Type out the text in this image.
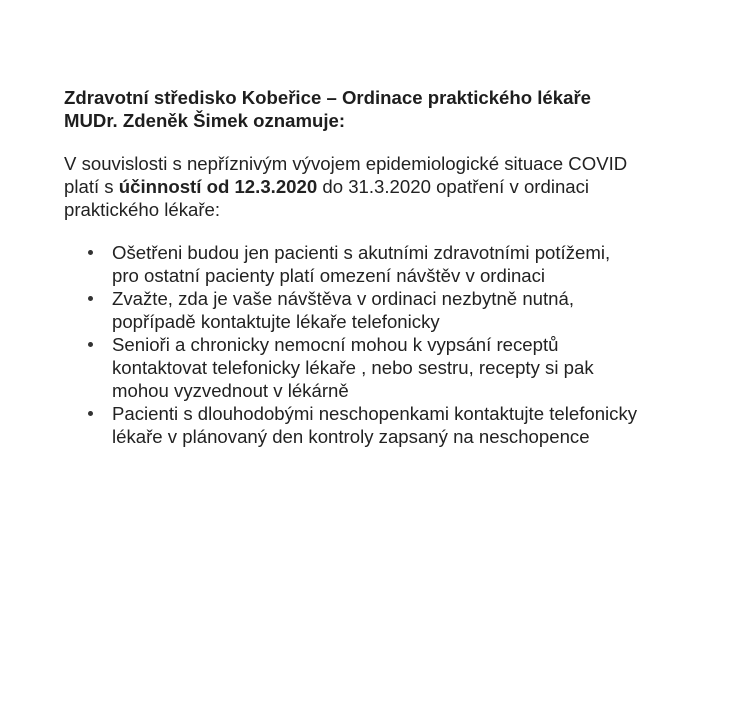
Zdravotní středisko Kobeřice – Ordinace praktického lékaře
MUDr. Zdeněk Šimek oznamuje:

V souvislosti s nepříznivým vývojem epidemiologické situace COVID
platí s účinností od 12.3.2020 do 31.3.2020 opatření v ordinaci
praktického lékaře:

Ošetřeni budou jen pacienti s akutními zdravotními potížemi,
pro ostatní pacienty platí omezení návštěv v ordinaci
Zvažte, zda je vaše návštěva v ordinaci nezbytně nutná,
popřípadě kontaktujte lékaře telefonicky
Senioři a chronicky nemocní mohou k vypsání receptů
kontaktovat telefonicky lékaře , nebo sestru, recepty si pak
mohou vyzvednout v lékárně
Pacienti s dlouhodobými neschopenkami kontaktujte telefonicky
lékaře v plánovaný den kontroly zapsaný na neschopence
